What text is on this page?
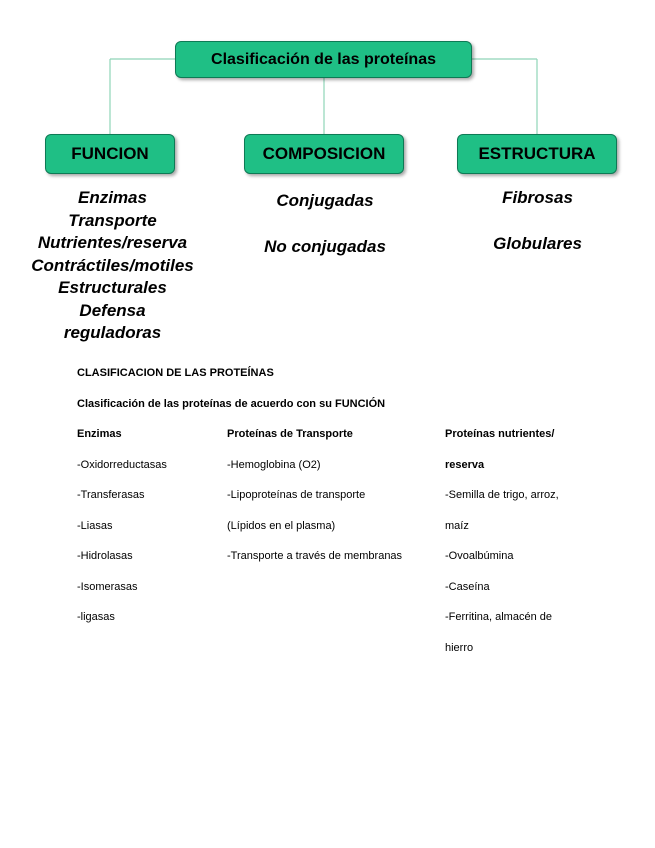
Clasificación de las proteínas
FUNCION	COMPOSICION	ESTRUCTURA
Enzimas
Transporte
Nutrientes/reserva
Contráctiles/motiles
Estructurales
Defensa
reguladoras
Conjugadas
No conjugadas
Fibrosas
Globulares
CLASIFICACION DE LAS PROTEÍNAS
Clasificación de las proteínas de acuerdo con su FUNCIÓN
Enzimas
-Oxidorreductasas
-Transferasas
-Liasas
-Hidrolasas
-Isomerasas
-ligasas
Proteínas de Transporte
-Hemoglobina (O2)
-Lipoproteínas de transporte
(Lípidos en el plasma)
-Transporte a través de membranas
Proteínas nutrientes/
reserva
-Semilla de trigo, arroz,
maíz
-Ovoalbúmina
-Caseína
-Ferritina, almacén de
hierro
